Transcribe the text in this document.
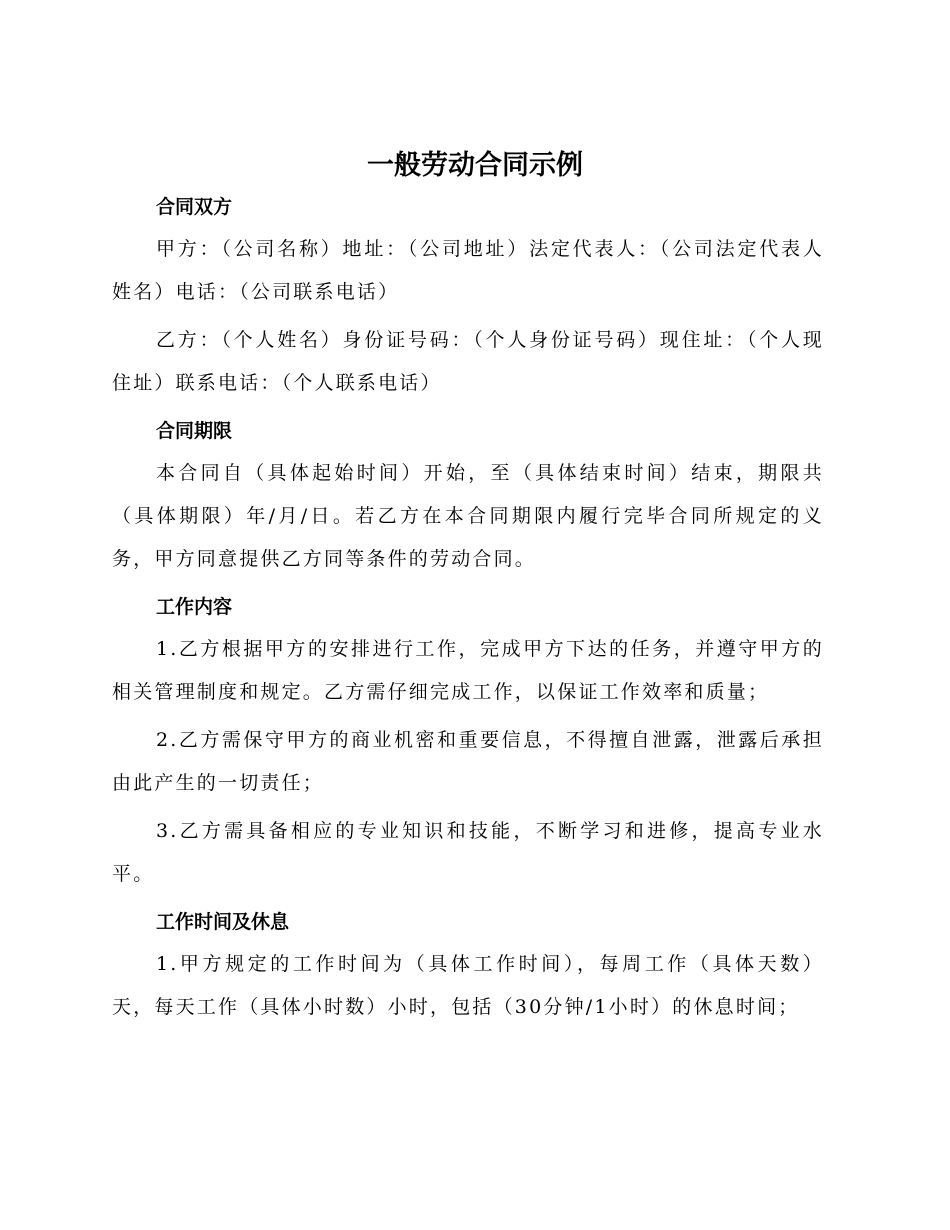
一般劳动合同示例
合同双方

甲方：（公司名称）地址：（公司地址）法定代表人：（公司法定代表人姓名）电话：（公司联系电话）

乙方：（个人姓名）身份证号码：（个人身份证号码）现住址：（个人现住址）联系电话：（个人联系电话）

合同期限

本合同自（具体起始时间）开始，至（具体结束时间）结束，期限共（具体期限）年/月/日。若乙方在本合同期限内履行完毕合同所规定的义务，甲方同意提供乙方同等条件的劳动合同。

工作内容

1.乙方根据甲方的安排进行工作，完成甲方下达的任务，并遵守甲方的相关管理制度和规定。乙方需仔细完成工作，以保证工作效率和质量；

2.乙方需保守甲方的商业机密和重要信息，不得擅自泄露，泄露后承担由此产生的一切责任；

3.乙方需具备相应的专业知识和技能，不断学习和进修，提高专业水平。

工作时间及休息

1.甲方规定的工作时间为（具体工作时间），每周工作（具体天数）天，每天工作（具体小时数）小时，包括（30分钟/1小时）的休息时间；
